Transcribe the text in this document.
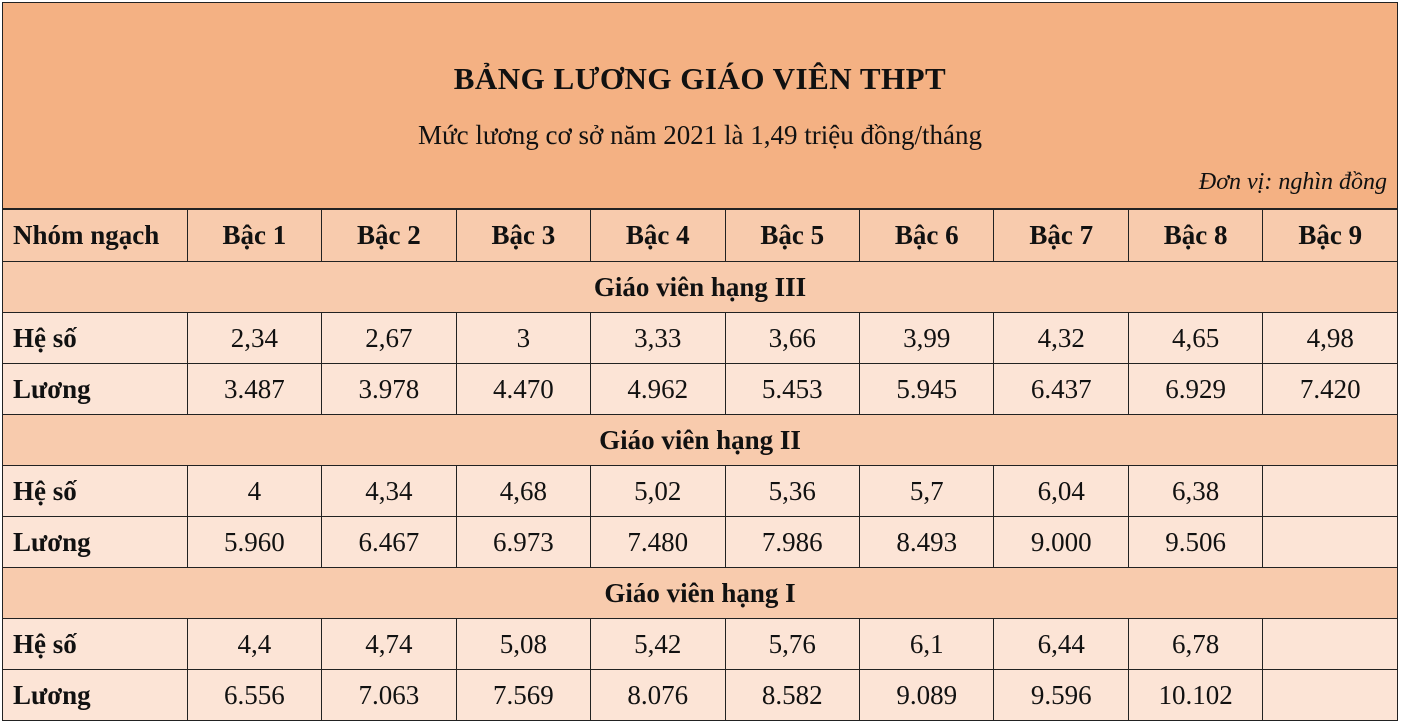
BẢNG LƯƠNG GIÁO VIÊN THPT
Mức lương cơ sở năm 2021 là 1,49 triệu đồng/tháng
Đơn vị: nghìn đồng
Nhóm ngạch	Bậc 1	Bậc 2	Bậc 3	Bậc 4	Bậc 5	Bậc 6	Bậc 7	Bậc 8	Bậc 9
Giáo viên hạng III									
Hệ số	2,34	2,67	3	3,33	3,66	3,99	4,32	4,65	4,98
Lương	3.487	3.978	4.470	4.962	5.453	5.945	6.437	6.929	7.420
Giáo viên hạng II									
Hệ số	4	4,34	4,68	5,02	5,36	5,7	6,04	6,38	
Lương	5.960	6.467	6.973	7.480	7.986	8.493	9.000	9.506	
Giáo viên hạng I									
Hệ số	4,4	4,74	5,08	5,42	5,76	6,1	6,44	6,78	
Lương	6.556	7.063	7.569	8.076	8.582	9.089	9.596	10.102	
